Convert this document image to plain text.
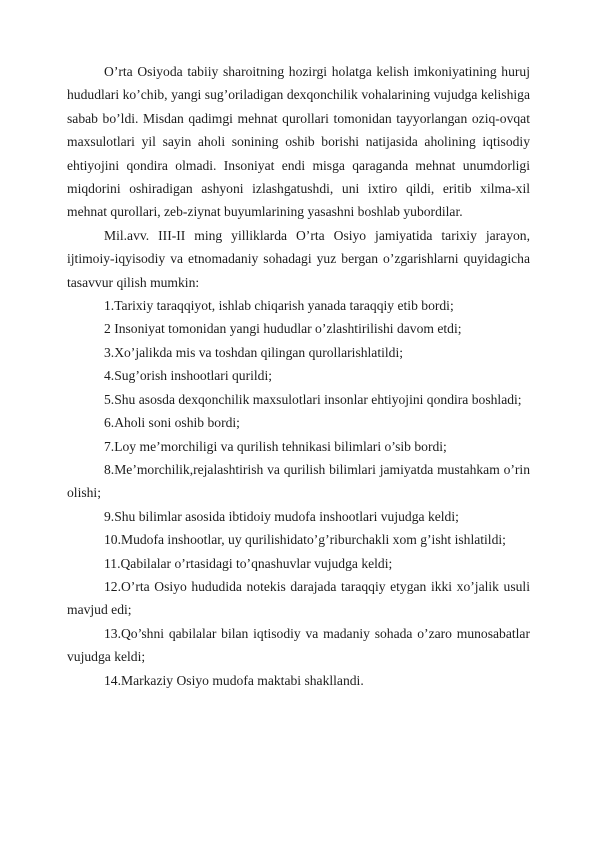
O’rta Osiyoda tabiiy sharoitning hozirgi holatga kelish imkoniyatining huruj hududlari ko’chib, yangi sug’oriladigan dexqonchilik vohalarining vujudga kelishiga sabab bo’ldi. Misdan qadimgi mehnat qurollari tomonidan tayyorlangan oziq-ovqat maxsulotlari yil sayin aholi sonining oshib borishi natijasida aholining iqtisodiy ehtiyojini qondira olmadi. Insoniyat endi misga qaraganda mehnat unumdorligi miqdorini oshiradigan ashyoni izlashgatushdi, uni ixtiro qildi, eritib xilma-xil mehnat qurollari, zeb-ziynat buyumlarining yasashni boshlab yubordilar.

Mil.avv. III-II ming yilliklarda O’rta Osiyo jamiyatida tarixiy jarayon, ijtimoiy-iqyisodiy va etnomadaniy sohadagi yuz bergan o’zgarishlarni quyidagicha tasavvur qilish mumkin:

1.Tarixiy taraqqiyot, ishlab chiqarish yanada taraqqiy etib bordi;

2 Insoniyat tomonidan yangi hududlar o’zlashtirilishi davom etdi;

3.Xo’jalikda mis va toshdan qilingan qurollarishlatildi;

4.Sug’orish inshootlari qurildi;

5.Shu asosda dexqonchilik maxsulotlari insonlar ehtiyojini qondira boshladi;

6.Aholi soni oshib bordi;

7.Loy me’morchiligi va qurilish tehnikasi bilimlari o’sib bordi;

8.Me’morchilik,rejalashtirish va qurilish bilimlari jamiyatda mustahkam o’rin olishi;

9.Shu bilimlar asosida ibtidoiy mudofa inshootlari vujudga keldi;

10.Mudofa inshootlar, uy qurilishidato’g’riburchakli xom g’isht ishlatildi;

11.Qabilalar o’rtasidagi to’qnashuvlar vujudga keldi;

12.O’rta Osiyo hududida notekis darajada taraqqiy etygan ikki xo’jalik usuli mavjud edi;

13.Qo’shni qabilalar bilan iqtisodiy va madaniy sohada o’zaro munosabatlar vujudga keldi;

14.Markaziy Osiyo mudofa maktabi shakllandi.
